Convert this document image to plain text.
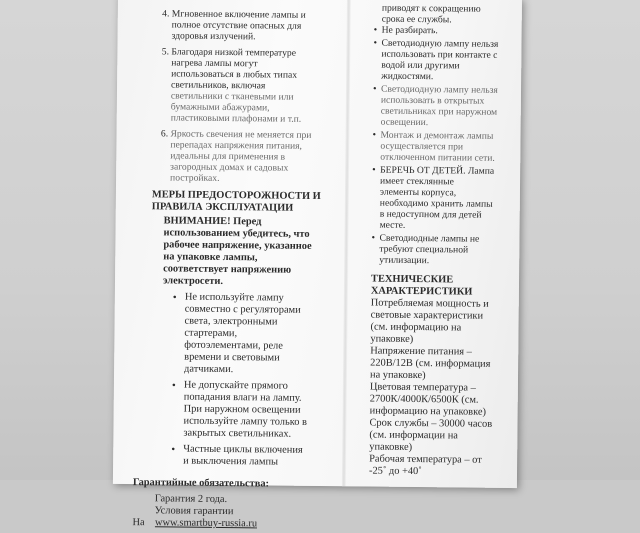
4. Мгновенное включение лампы и
полное отсутствие опасных для
здоровья излучений.
5. Благодаря низкой температуре
нагрева лампы могут
использоваться в любых типах
светильников, включая
светильники с тканевыми или
бумажными абажурами,
пластиковыми плафонами и т.п.
6. Яркость свечения не меняется при
перепадах напряжения питания,
идеальны для применения в
загородных домах и садовых
постройках.
МЕРЫ ПРЕДОСТОРОЖНОСТИ И
ПРАВИЛА ЭКСПЛУАТАЦИИ
ВНИМАНИЕ! Перед
использованием убедитесь, что
рабочее напряжение, указанное
на упаковке лампы,
соответствует напряжению
электросети.
• Не используйте лампу
совместно с регуляторами
света, электронными
стартерами,
фотоэлементами, реле
времени и световыми
датчиками.
• Не допускайте прямого
попадания влаги на лампу.
При наружном освещении
используйте лампу только в
закрытых светильниках.
• Частные циклы включения
и выключения лампы
Гарантийные обязательства:
Гарантия 2 года.
Условия гарантии
На www.smartbuy-russia.ru
приводят к сокращению
срока ее службы.
• Не разбирать.
• Светодиодную лампу нельзя
использовать при контакте с
водой или другими
жидкостями.
• Светодиодную лампу нельзя
использовать в открытых
светильниках при наружном
освещении.
• Монтаж и демонтаж лампы
осуществляется при
отключенном питании сети.
• БЕРЕЧЬ ОТ ДЕТЕЙ. Лампа
имеет стеклянные
элементы корпуса,
необходимо хранить лампы
в недоступном для детей
месте.
• Светодиодные лампы не
требуют специальной
утилизации.
ТЕХНИЧЕСКИЕ
ХАРАКТЕРИСТИКИ
Потребляемая мощность и
световые характеристики
(см. информацию на
упаковке)
Напряжение питания –
220В/12В (см. информация
на упаковке)
Цветовая температура –
2700К/4000К/6500К (см.
информацию на упаковке)
Срок службы – 30000 часов
(см. информации на
упаковке)
Рабочая температура – от
-25˚ до +40˚
